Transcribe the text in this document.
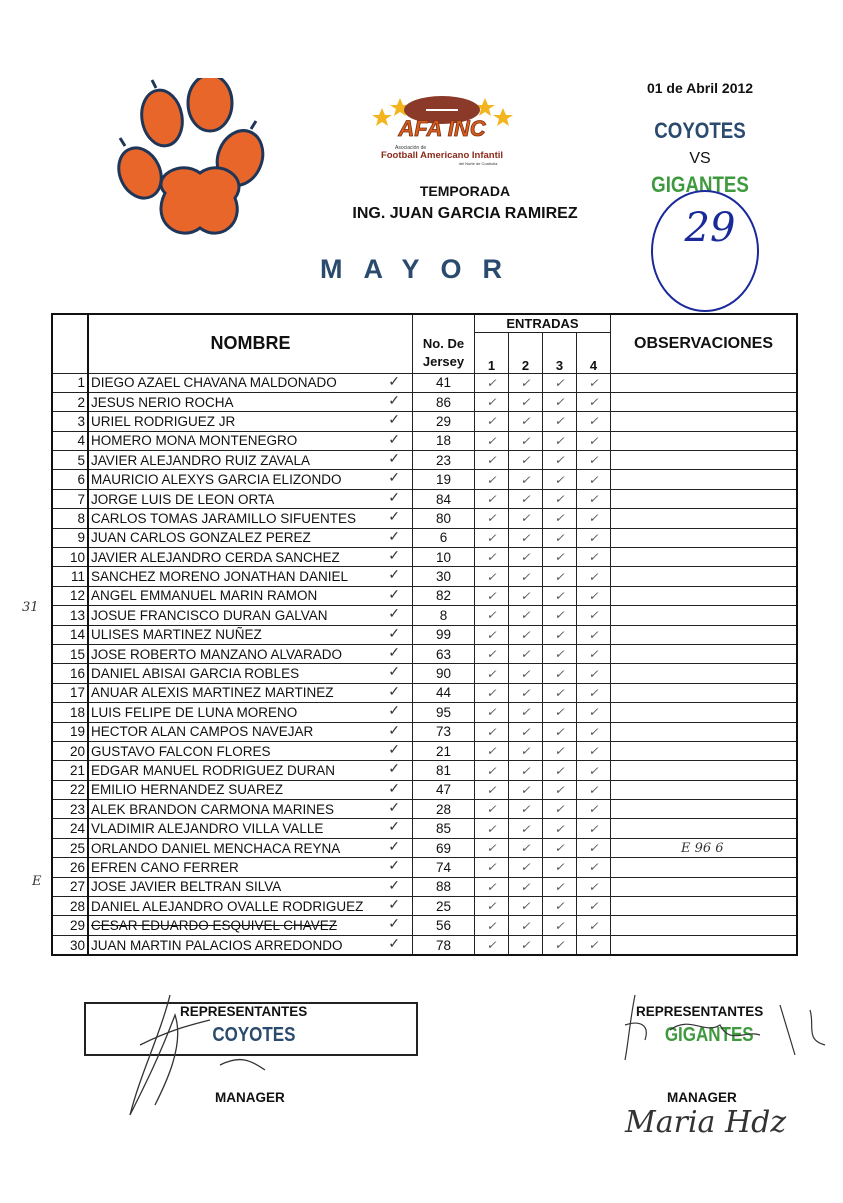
AFA INC
Asociación de
Football Americano Infantil
del Norte de Coahuila
TEMPORADA
ING. JUAN GARCIA RAMIREZ
MAYOR
01 de Abril 2012
COYOTES
VS
GIGANTES
29
	NOMBRE		ENTRADAS				OBSERVACIONES
		No. De Jersey	1	2	3	4	
1	DIEGO AZAEL CHAVANA MALDONADO ✓	41	✓	✓	✓	✓	
2	JESUS NERIO ROCHA ✓	86	✓	✓	✓	✓	
3	URIEL RODRIGUEZ JR ✓	29	✓	✓	✓	✓	
4	HOMERO MONA MONTENEGRO ✓	18	✓	✓	✓	✓	
5	JAVIER ALEJANDRO RUIZ ZAVALA ✓	23	✓	✓	✓	✓	
6	MAURICIO ALEXYS GARCIA ELIZONDO ✓	19	✓	✓	✓	✓	
7	JORGE LUIS DE LEON ORTA ✓	84	✓	✓	✓	✓	
8	CARLOS TOMAS JARAMILLO SIFUENTES ✓	80	✓	✓	✓	✓	
9	JUAN CARLOS GONZALEZ PEREZ ✓	6	✓	✓	✓	✓	
10	JAVIER ALEJANDRO CERDA SANCHEZ ✓	10	✓	✓	✓	✓	
11	SANCHEZ MORENO JONATHAN DANIEL ✓	30	✓	✓	✓	✓	
12	ANGEL EMMANUEL MARIN RAMON ✓	82	✓	✓	✓	✓	
13	JOSUE FRANCISCO DURAN GALVAN ✓	8	✓	✓	✓	✓	
14	ULISES MARTINEZ NUÑEZ ✓	99	✓	✓	✓	✓	
15	JOSE ROBERTO MANZANO ALVARADO ✓	63	✓	✓	✓	✓	
16	DANIEL ABISAI GARCIA ROBLES ✓	90	✓	✓	✓	✓	
17	ANUAR ALEXIS MARTINEZ MARTINEZ ✓	44	✓	✓	✓	✓	
18	LUIS FELIPE DE LUNA MORENO ✓	95	✓	✓	✓	✓	
19	HECTOR ALAN CAMPOS NAVEJAR ✓	73	✓	✓	✓	✓	
20	GUSTAVO FALCON FLORES ✓	21	✓	✓	✓	✓	
21	EDGAR MANUEL RODRIGUEZ DURAN ✓	81	✓	✓	✓	✓	
22	EMILIO HERNANDEZ SUAREZ ✓	47	✓	✓	✓	✓	
23	ALEK BRANDON CARMONA MARINES ✓	28	✓	✓	✓	✓	
24	VLADIMIR ALEJANDRO VILLA VALLE ✓	85	✓	✓	✓	✓	
25	ORLANDO DANIEL MENCHACA REYNA ✓	69	✓	✓	✓	✓	E 96 6
26	EFREN CANO FERRER ✓	74	✓	✓	✓	✓	
27	JOSE JAVIER BELTRAN SILVA ✓	88	✓	✓	✓	✓	
28	DANIEL ALEJANDRO OVALLE RODRIGUEZ ✓	25	✓	✓	✓	✓	
29	CESAR EDUARDO ESQUIVEL CHAVEZ ✓	56	✓	✓	✓	✓	
30	JUAN MARTIN PALACIOS ARREDONDO ✓	78	✓	✓	✓	✓	
31
E
REPRESENTANTES
COYOTES
MANAGER
REPRESENTANTES
GIGANTES
MANAGER
Maria Hdz
